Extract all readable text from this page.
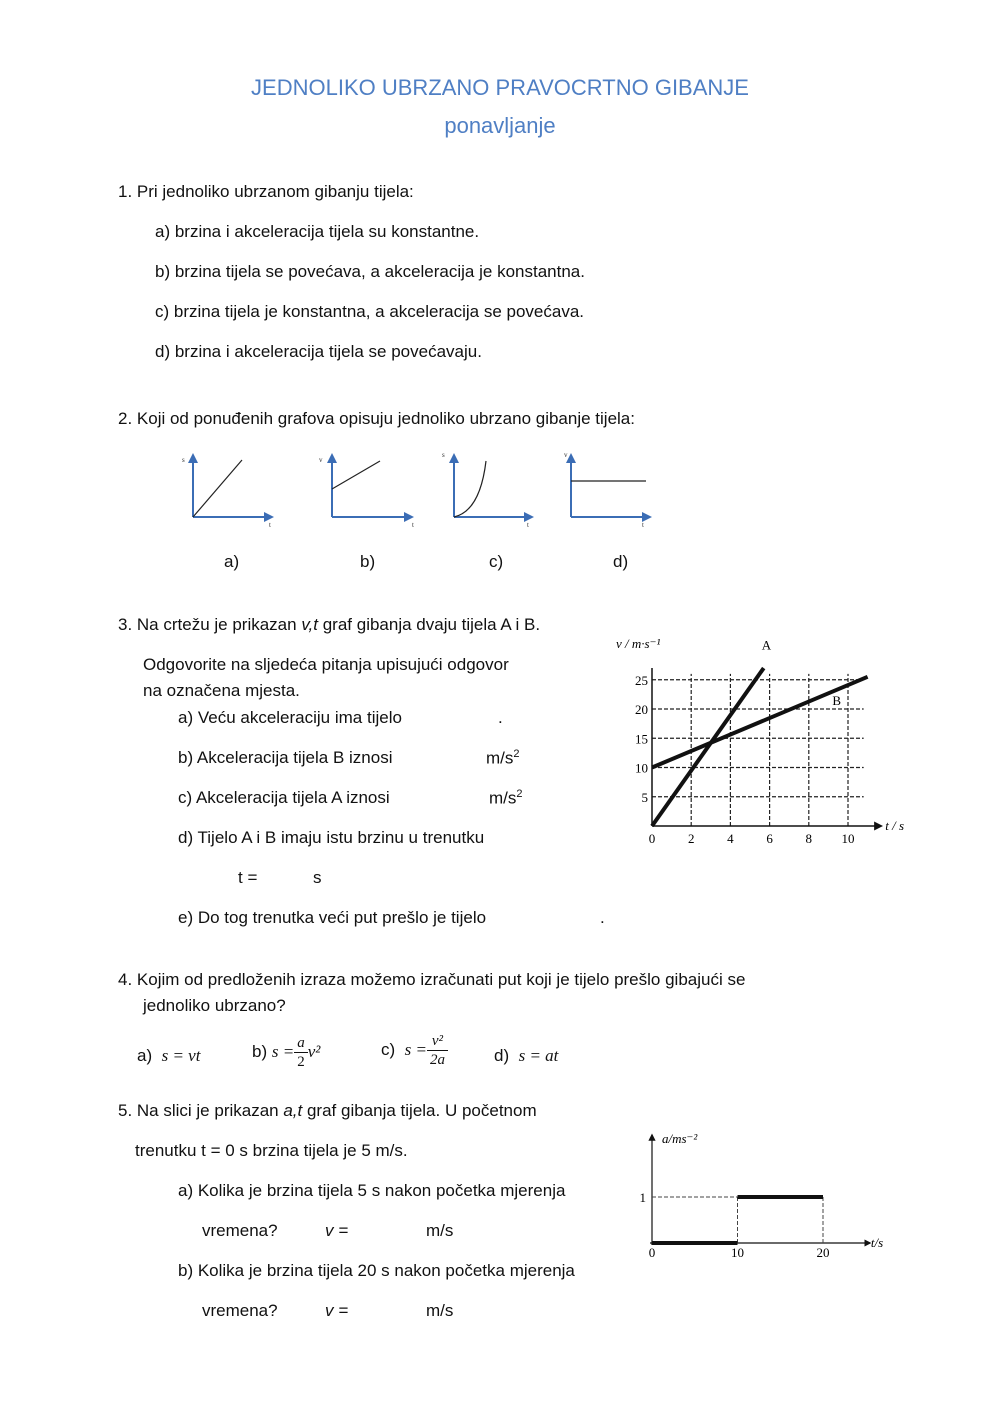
JEDNOLIKO UBRZANO PRAVOCRTNO GIBANJE
ponavljanje
1. Pri jednoliko ubrzanom gibanju tijela:
a) brzina i akceleracija tijela su konstantne.
b) brzina tijela se povećava, a akceleracija je konstantna.
c) brzina tijela je konstantna, a akceleracija se povećava.
d) brzina i akceleracija tijela se povećavaju.
2. Koji od ponuđenih grafova opisuju jednoliko ubrzano gibanje tijela:
s
t
v
t
s
t
v
t
a)	b)	c)	d)
3. Na crtežu je prikazan v,t graf gibanja dvaju tijela A i B.
Odgovorite na sljedeća pitanja upisujući odgovor
na označena mjesta.
a) Veću akceleraciju ima tijelo	.
b) Akceleracija tijela B iznosi	$m/s^2$
c) Akceleracija tijela A iznosi	$m/s^2$
d) Tijelo A i B imaju istu brzinu u trenutku
t =	s
e) Do tog trenutka veći put prešlo je tijelo	.
0	2	4	6	8 10
5
10
15
20
25
A
B
v / m·s⁻¹
t / s
4. Kojim od predloženih izraza možemo izračunati put koji je tijelo prešlo gibajući se
jednoliko ubrzano?
a) s = vt	b) $s = \frac{a}{2} v^2$	c) $s = \frac{\text{v²}}{2a}$	d) s = at
5. Na slici je prikazan a,t graf gibanja tijela. U početnom
trenutku t = 0 s brzina tijela je 5 m/s.
a) Kolika je brzina tijela 5 s nakon početka mjerenja
vremena?	v =	m/s
b) Kolika je brzina tijela 20 s nakon početka mjerenja
vremena?	v =	m/s
0	10	20
1
a/ms⁻²
t/s
